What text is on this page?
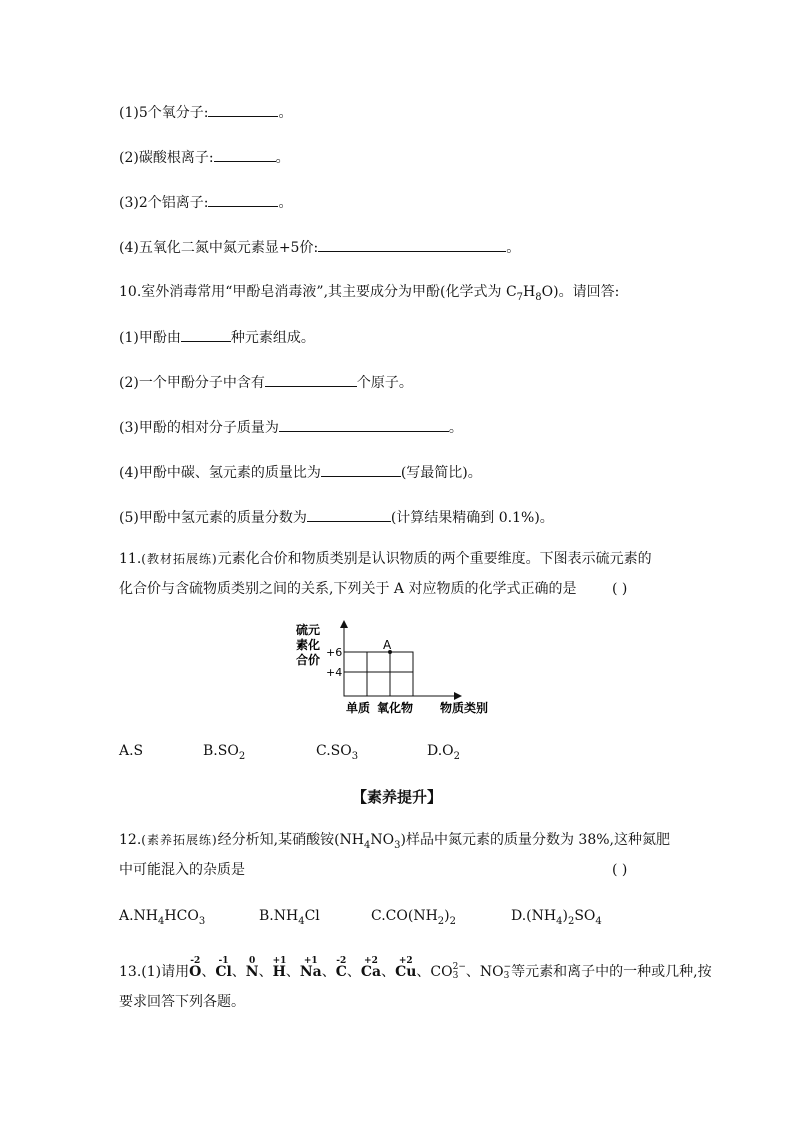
(1)5个氧分子:	。
(2)碳酸根离子:	。
(3)2个铝离子:	。
(4)五氧化二氮中氮元素显+5价:	。
10.室外消毒常用“甲酚皂消毒液”,其主要成分为甲酚(化学式为 $C_7H_8O$)。请回答:
(1)甲酚由	种元素组成。
(2)一个甲酚分子中含有	个原子。
(3)甲酚的相对分子质量为	。
(4)甲酚中碳、氢元素的质量比为	(写最简比)。
(5)甲酚中氢元素的质量分数为	(计算结果精确到 0.1%)。
11.(教材拓展练)元素化合价和物质类别是认识物质的两个重要维度。下图表示硫元素的
化合价与含硫物质类别之间的关系,下列关于 A 对应物质的化学式正确的是	( )
硫元
素化
合价
+6
+4
A
单质 氧化物 物质类别
A.S	$B.SO_2$	$C.SO_3$	$D.O_2$
【素养提升】
12.(素养拓展练)经分析知,某硝酸铵$(NH_4NO_3)$样品中氮元素的质量分数为 38%,这种氮肥
中可能混入的杂质是	( )
$A.NH_4HCO_3$	$B.NH_4Cl$	$C.CO(NH_2)_2$	$D.(NH_4)_2SO_4$
13.(1)请用
-2
O、
-1
Cl、
0
N、
+1
H、
+1
Na、
-2
C、
+2
Ca、
+2
Cu、CO 2−
3 、NO −
3 等元素和离子中的一种或几种,按
要求回答下列各题。
